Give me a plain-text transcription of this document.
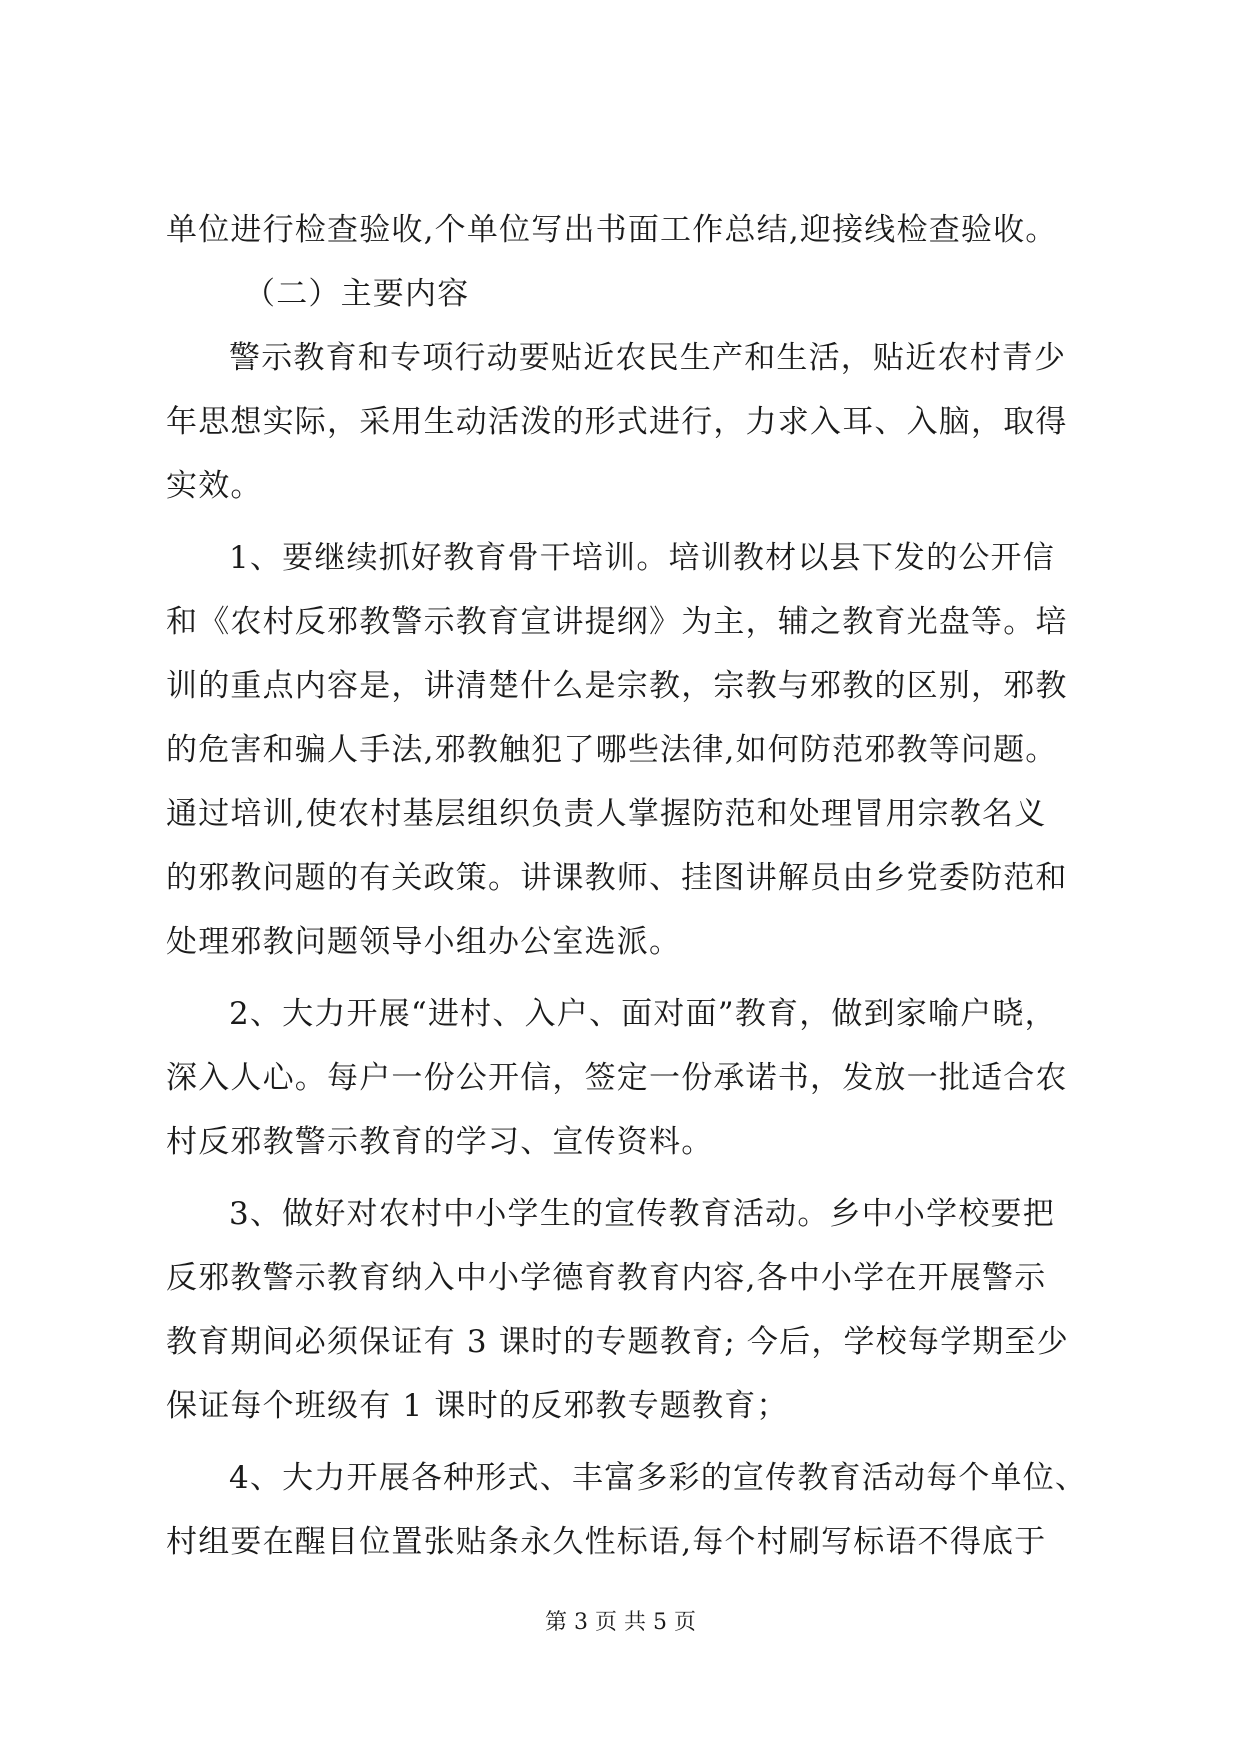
单位进行检查验收,个单位写出书面工作总结,迎接线检查验收。
（二）主要内容
警示教育和专项行动要贴近农民生产和生活，贴近农村青少
年思想实际，采用生动活泼的形式进行，力求入耳、入脑，取得
实效。
1、要继续抓好教育骨干培训。培训教材以县下发的公开信
和《农村反邪教警示教育宣讲提纲》为主，辅之教育光盘等。培
训的重点内容是，讲清楚什么是宗教，宗教与邪教的区别，邪教
的危害和骗人手法,邪教触犯了哪些法律,如何防范邪教等问题。
通过培训,使农村基层组织负责人掌握防范和处理冒用宗教名义
的邪教问题的有关政策。讲课教师、挂图讲解员由乡党委防范和
处理邪教问题领导小组办公室选派。
2、大力开展“进村、入户、面对面”教育，做到家喻户晓，
深入人心。每户一份公开信，签定一份承诺书，发放一批适合农
村反邪教警示教育的学习、宣传资料。
3、做好对农村中小学生的宣传教育活动。乡中小学校要把
反邪教警示教育纳入中小学德育教育内容,各中小学在开展警示
教育期间必须保证有 3 课时的专题教育; 今后，学校每学期至少
保证每个班级有 1 课时的反邪教专题教育；
4、大力开展各种形式、丰富多彩的宣传教育活动每个单位、
村组要在醒目位置张贴条永久性标语,每个村刷写标语不得底于
第 3 页 共 5 页
